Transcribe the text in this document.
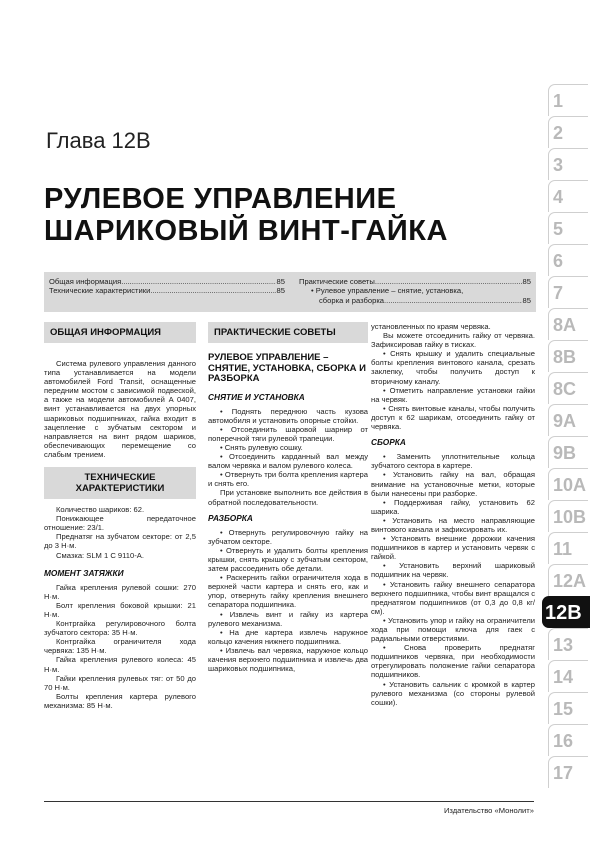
Глава 12В
РУЛЕВОЕ УПРАВЛЕНИЕ
ШАРИКОВЫЙ ВИНТ-ГАЙКА
Общая информация .....	85
Технические характеристики .....	85
Практические советы .....	85
• Рулевое управление – снятие, установка,
сборка и разборка .....	85
ОБЩАЯ ИНФОРМАЦИЯ

Система рулевого управления данного типа устанавливается на модели автомобилей Ford Transit, оснащенные передним мостом с зависимой подвеской, а также на модели автомобилей A 0407, винт устанавливается на двух упорных шариковых подшипниках, гайка входит в зацепление с зубчатым сектором и направляется на винт рядом шариков, обеспечивающих перемещение со слабым трением.

ТЕХНИЧЕСКИЕ ХАРАКТЕРИСТИКИ

Количество шариков: 62.

Понижающее передаточное отношение: 23/1.

Преднатяг на зубчатом секторе: от 2,5 до 3 Н·м.

Смазка: SLM 1 C 9110-A.

МОМЕНТ ЗАТЯЖКИ

Гайка крепления рулевой сошки: 270 Н·м.

Болт крепления боковой крышки: 21 Н·м.

Контргайка регулировочного болта зубчатого сектора: 35 Н·м.

Контргайка ограничителя хода червяка: 135 Н·м.

Гайка крепления рулевого колеса: 45 Н·м.

Гайки крепления рулевых тяг: от 50 до 70 Н·м.

Болты крепления картера рулевого механизма: 85 Н·м.

ПРАКТИЧЕСКИЕ СОВЕТЫ
РУЛЕВОЕ УПРАВЛЕНИЕ – СНЯТИЕ, УСТАНОВКА, СБОРКА И РАЗБОРКА
СНЯТИЕ И УСТАНОВКА

• Поднять переднюю часть кузова автомобиля и установить опорные стойки.

• Отсоединить шаровой шарнир от поперечной тяги рулевой трапеции.

• Снять рулевую сошку.

• Отсоединить карданный вал между валом червяка и валом рулевого колеса.

• Отвернуть три болта крепления картера и снять его.

При установке выполнить все действия в обратной последовательности.

РАЗБОРКА

• Отвернуть регулировочную гайку на зубчатом секторе.

• Отвернуть и удалить болты крепления крышки, снять крышку с зубчатым сектором, затем рассоединить обе детали.

• Раскернить гайки ограничителя хода в верхней части картера и снять его, как и упор, отвернуть гайку крепления внешнего сепаратора подшипника.

• Извлечь винт и гайку из картера рулевого механизма.

• На дне картера извлечь наружное кольцо качения нижнего подшипника.

• Извлечь вал червяка, наружное кольцо качения верхнего подшипника и извлечь два шариковых подшипника,

установленных по краям червяка.

Вы можете отсоединить гайку от червяка. Зафиксировав гайку в тисках.

• Снять крышку и удалить специальные болты крепления винтового канала, срезать заклепку, чтобы получить доступ к вторичному каналу.

• Отметить направление установки гайки на червяк.

• Снять винтовые каналы, чтобы получить доступ к 62 шарикам, отсоединить гайку от червяка.

СБОРКА

• Заменить уплотнительные кольца зубчатого сектора в картере.

• Установить гайку на вал, обращая внимание на установочные метки, которые были нанесены при разборке.

• Поддерживая гайку, установить 62 шарика.

• Установить на место направляющие винтового канала и зафиксировать их.

• Установить внешние дорожки качения подшипников в картер и установить червяк с гайкой.

• Установить верхний шариковый подшипник на червяк.

• Установить гайку внешнего сепаратора верхнего подшипника, чтобы винт вращался с преднатягом подшипников (от 0,3 до 0,8 кг/см).

• Установить упор и гайку на ограничители хода при помощи ключа для гаек с радиальными отверстиями.

• Снова проверить преднатяг подшипников червяка, при необходимости отрегулировать положение гайки сепаратора подшипников.

• Установить сальник с кромкой в картер рулевого механизма (со стороны рулевой сошки).

1
2
3
4
5
6
7
8A
8B
8C
9A
9B
10A
10B
11
12A
12B
13
14
15
16
17
Издательство «Монолит»
